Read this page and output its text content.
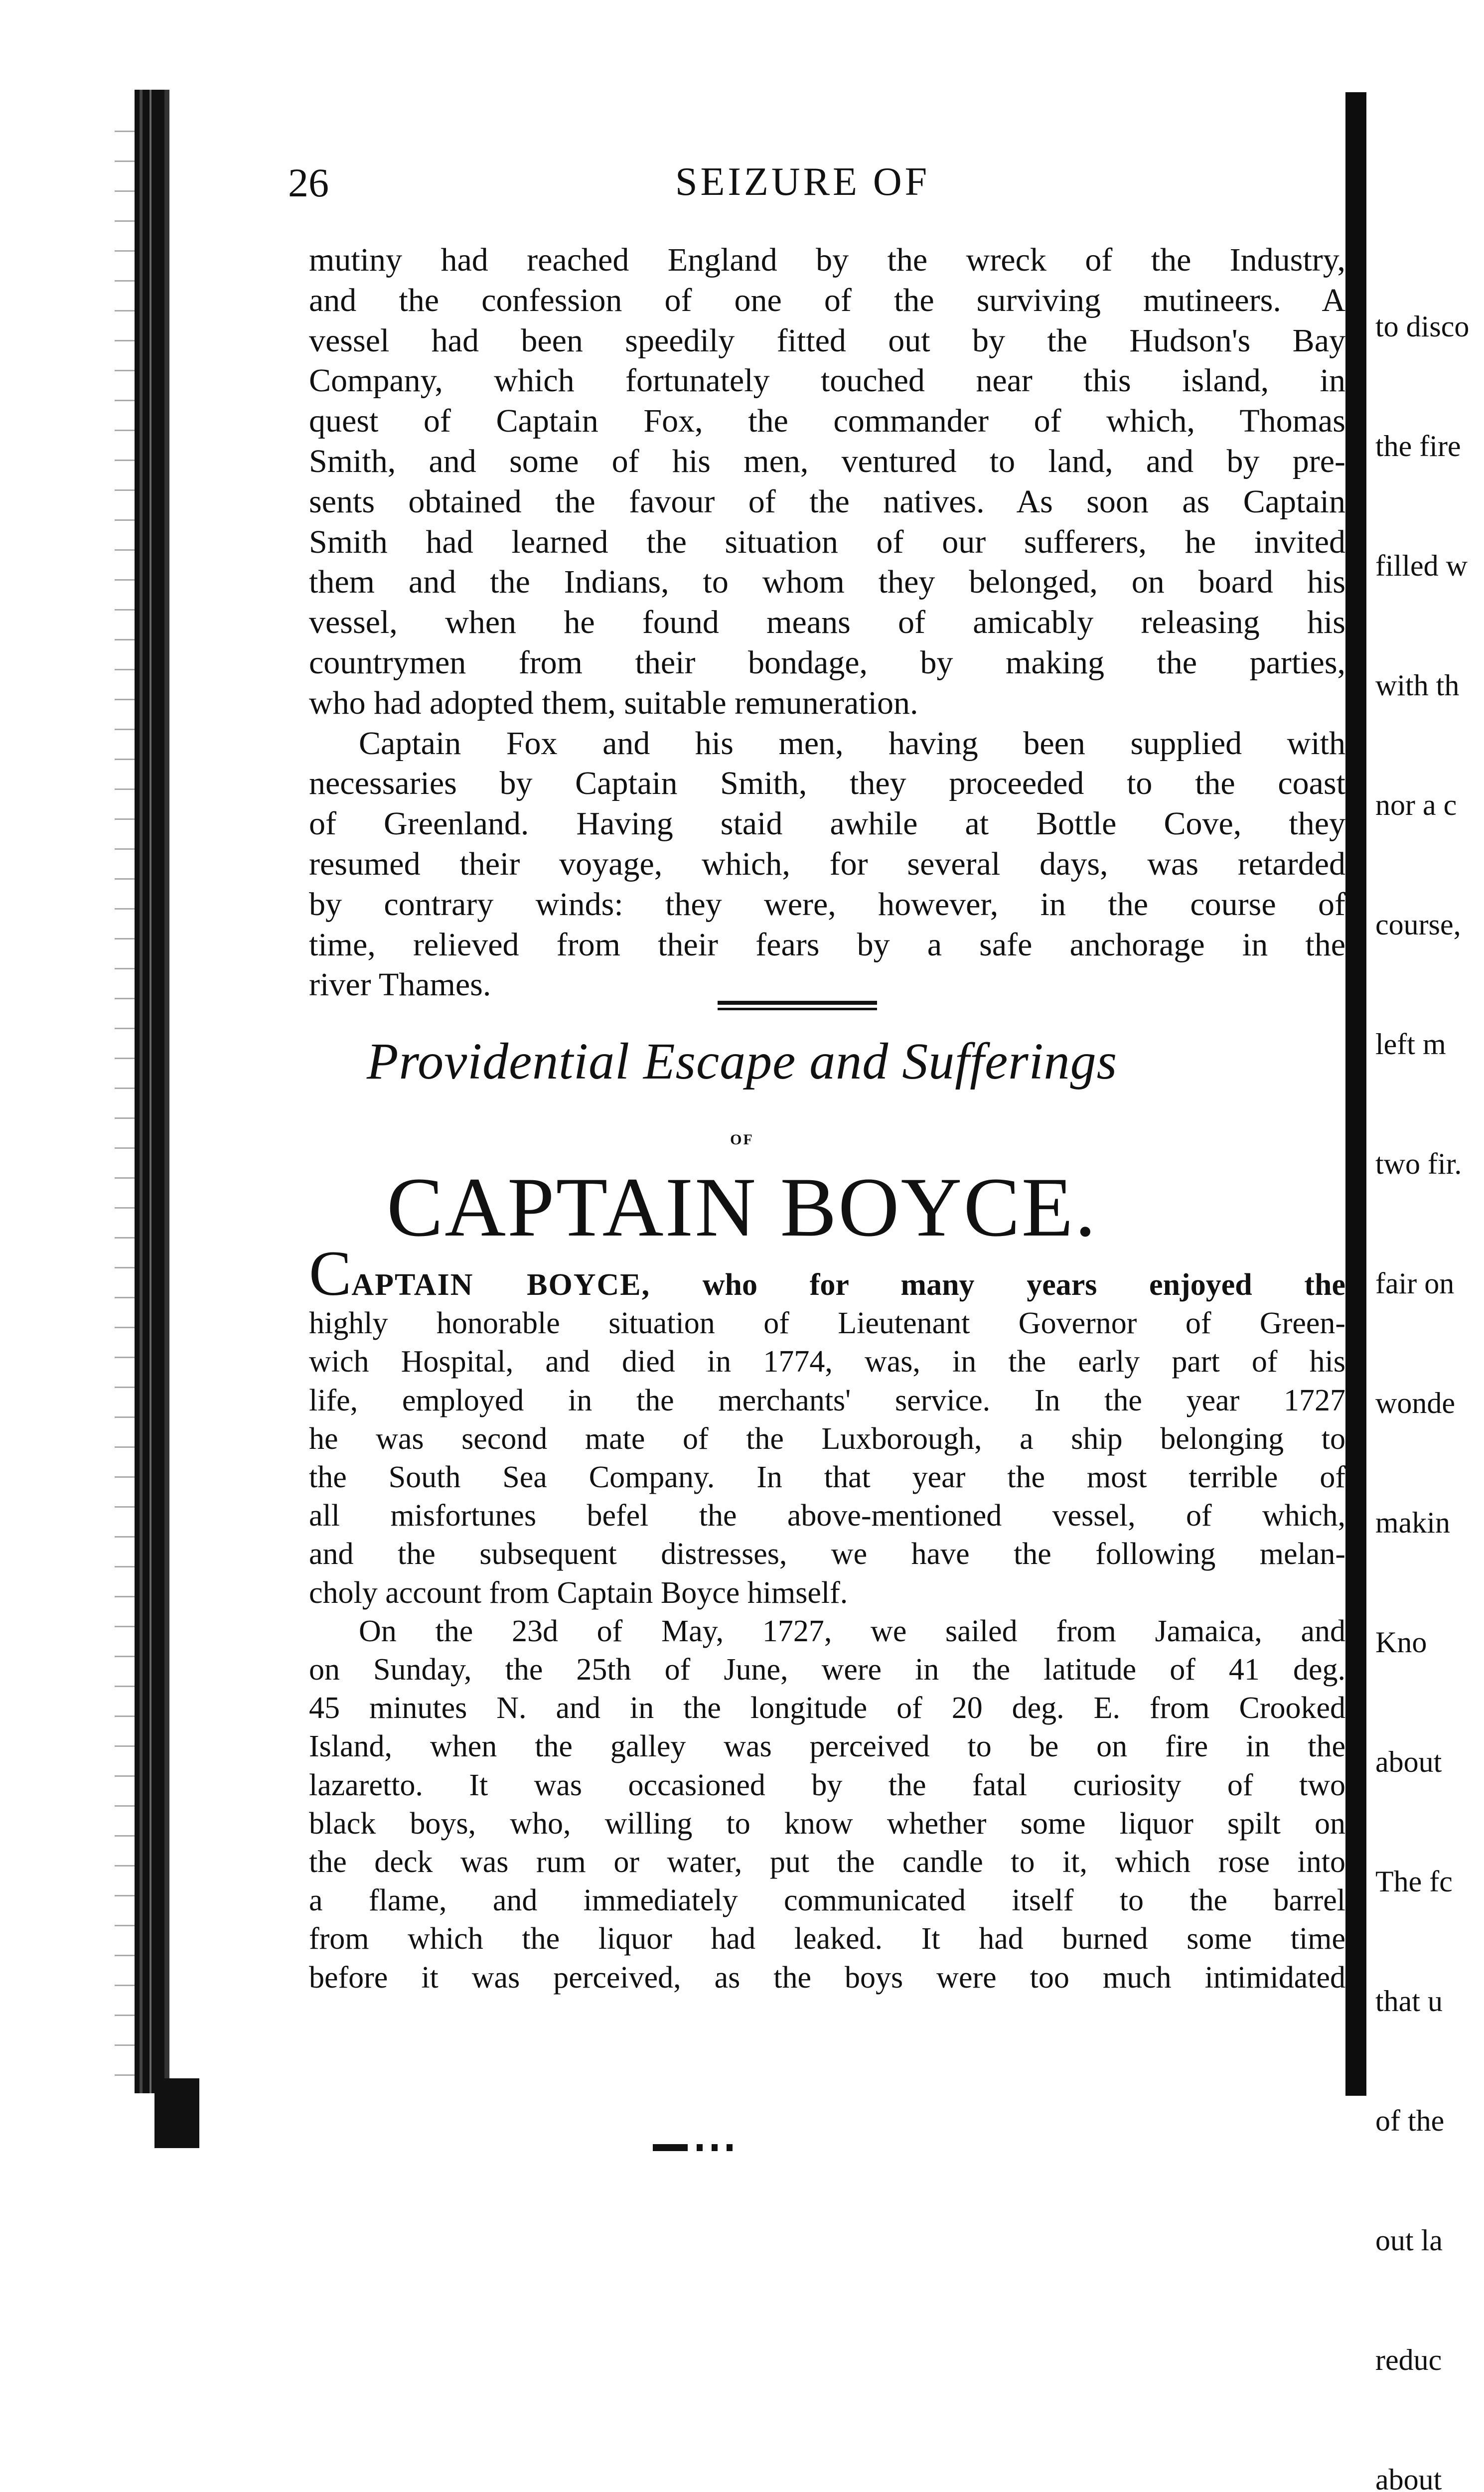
26	SEIZURE OF
mutiny had reached England by the wreck of the Industry,
and the confession of one of the surviving mutineers. A
vessel had been speedily fitted out by the Hudson's Bay
Company, which fortunately touched near this island, in
quest of Captain Fox, the commander of which, Thomas
Smith, and some of his men, ventured to land, and by pre-
sents obtained the favour of the natives. As soon as Captain
Smith had learned the situation of our sufferers, he invited
them and the Indians, to whom they belonged, on board his
vessel, when he found means of amicably releasing his
countrymen from their bondage, by making the parties,
who had adopted them, suitable remuneration.
Captain Fox and his men, having been supplied with
necessaries by Captain Smith, they proceeded to the coast
of Greenland. Having staid awhile at Bottle Cove, they
resumed their voyage, which, for several days, was retarded
by contrary winds: they were, however, in the course of
time, relieved from their fears by a safe anchorage in the
river Thames.
Providential Escape and Sufferings
OF
CAPTAIN BOYCE.
CAPTAIN BOYCE, who for many years enjoyed the
highly honorable situation of Lieutenant Governor of Green-
wich Hospital, and died in 1774, was, in the early part of his
life, employed in the merchants' service. In the year 1727
he was second mate of the Luxborough, a ship belonging to
the South Sea Company. In that year the most terrible of
all misfortunes befel the above-mentioned vessel, of which,
and the subsequent distresses, we have the following melan-
choly account from Captain Boyce himself.
On the 23d of May, 1727, we sailed from Jamaica, and
on Sunday, the 25th of June, were in the latitude of 41 deg.
45 minutes N. and in the longitude of 20 deg. E. from Crooked
Island, when the galley was perceived to be on fire in the
lazaretto. It was occasioned by the fatal curiosity of two
black boys, who, willing to know whether some liquor spilt on
the deck was rum or water, put the candle to it, which rose into
a flame, and immediately communicated itself to the barrel
from which the liquor had leaked. It had burned some time
before it was perceived, as the boys were too much intimidated

to disco

the fire

filled w

with th

nor a c

course,

left m

two fir.

fair on

wonde

makin

Kno

about

The fc

that u

of the

out la

reduc

about
